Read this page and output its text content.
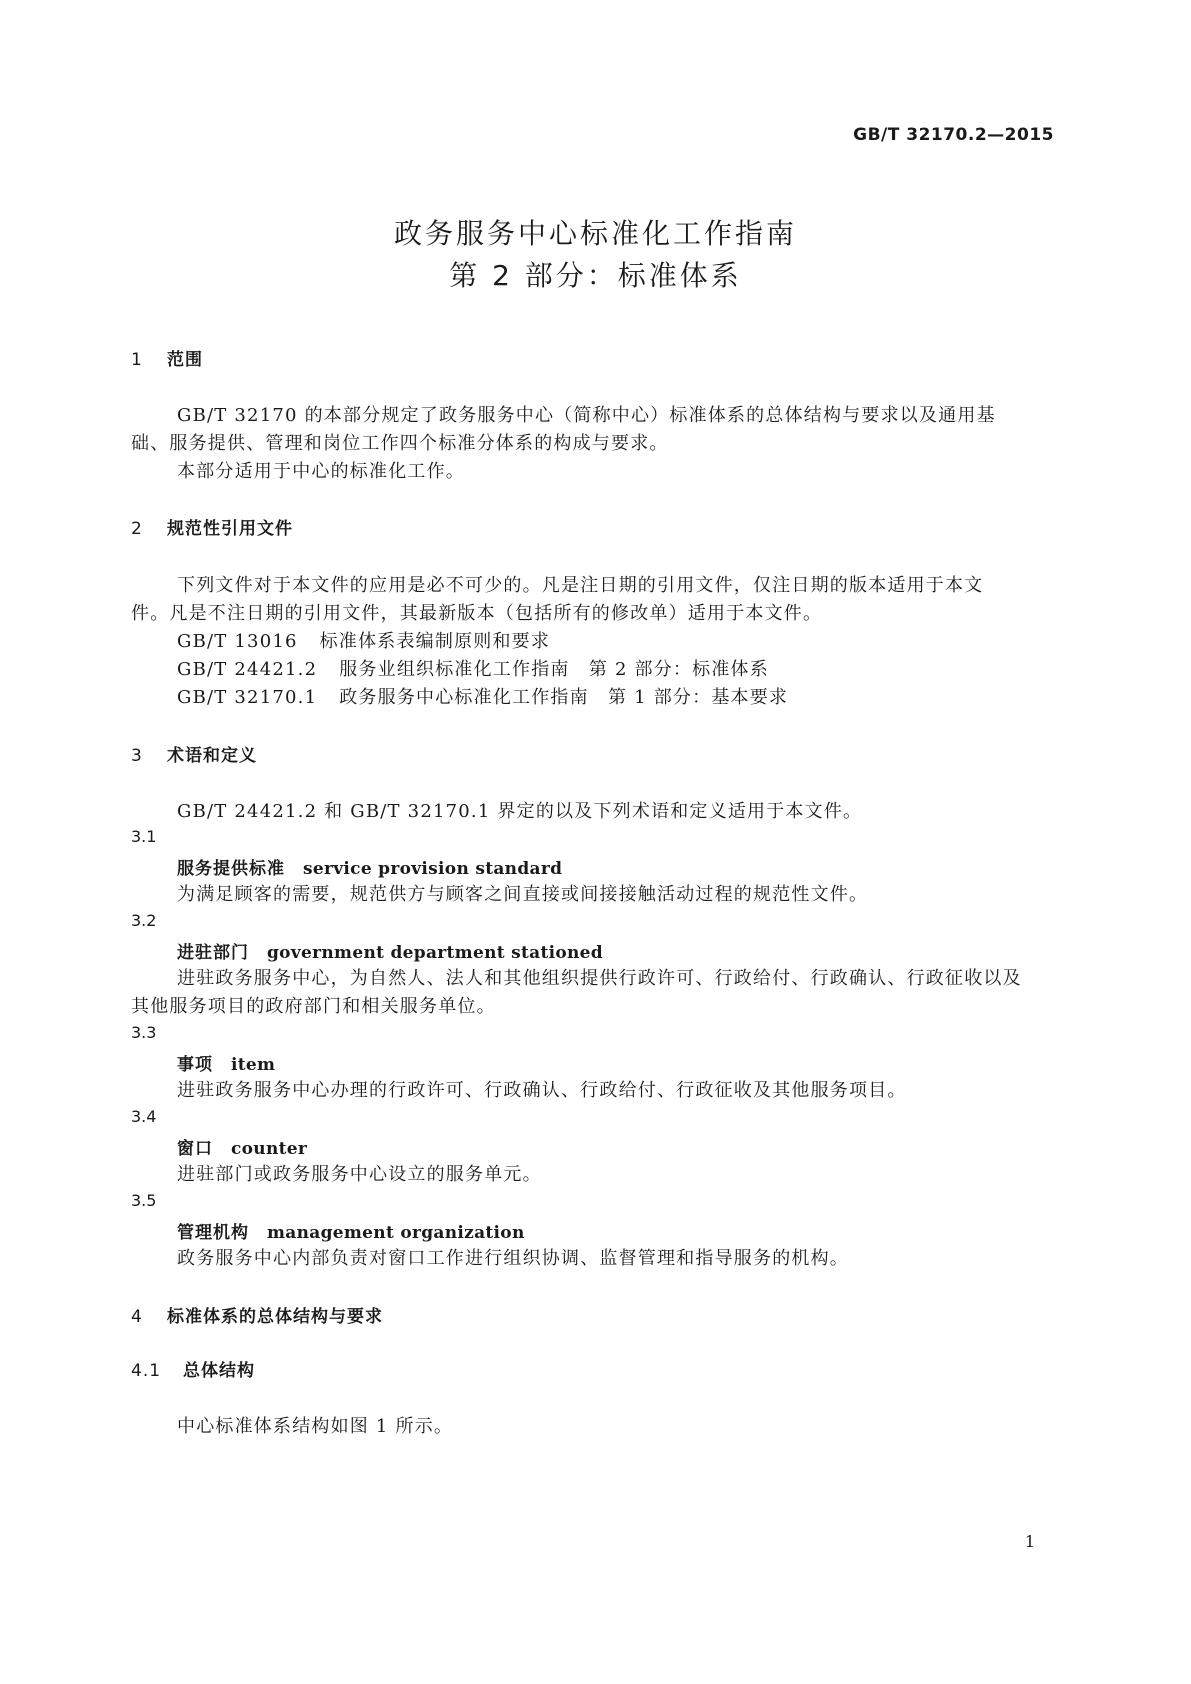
GB/T 32170.2—2015
政务服务中心标准化工作指南
第 2 部分：标准体系
1 范围
GB/T 32170 的本部分规定了政务服务中心（简称中心）标准体系的总体结构与要求以及通用基
础、服务提供、管理和岗位工作四个标准分体系的构成与要求。
本部分适用于中心的标准化工作。
2 规范性引用文件
下列文件对于本文件的应用是必不可少的。凡是注日期的引用文件，仅注日期的版本适用于本文
件。凡是不注日期的引用文件，其最新版本（包括所有的修改单）适用于本文件。
GB/T 13016 标准体系表编制原则和要求
GB/T 24421.2 服务业组织标准化工作指南　第 2 部分：标准体系
GB/T 32170.1 政务服务中心标准化工作指南　第 1 部分：基本要求
3 术语和定义
GB/T 24421.2 和 GB/T 32170.1 界定的以及下列术语和定义适用于本文件。
3.1
服务提供标准 service provision standard
为满足顾客的需要，规范供方与顾客之间直接或间接接触活动过程的规范性文件。
3.2
进驻部门 government department stationed
进驻政务服务中心，为自然人、法人和其他组织提供行政许可、行政给付、行政确认、行政征收以及
其他服务项目的政府部门和相关服务单位。
3.3
事项 item
进驻政务服务中心办理的行政许可、行政确认、行政给付、行政征收及其他服务项目。
3.4
窗口 counter
进驻部门或政务服务中心设立的服务单元。
3.5
管理机构 management organization
政务服务中心内部负责对窗口工作进行组织协调、监督管理和指导服务的机构。
4 标准体系的总体结构与要求
4.1 总体结构
中心标准体系结构如图 1 所示。
1
